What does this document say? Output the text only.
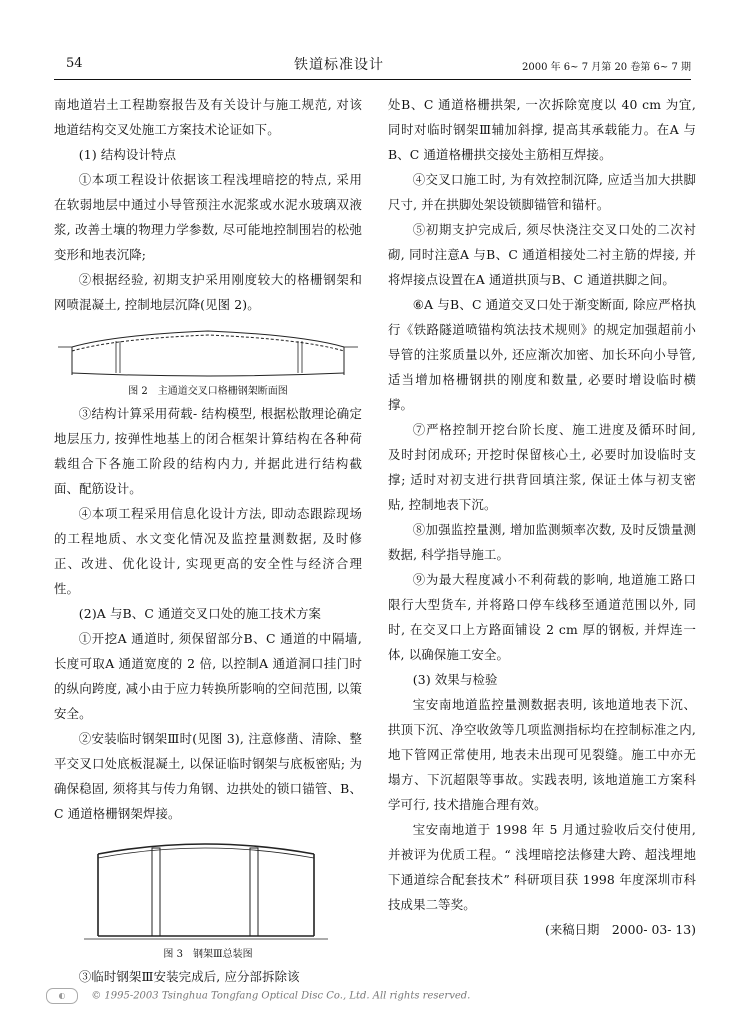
54	铁道标准设计	2000 年 6~ 7 月第 20 卷第 6~ 7 期

南地道岩土工程勘察报告及有关设计与施工规范, 对该地道结构交叉处施工方案技术论证如下。

(1) 结构设计特点

①本项工程设计依据该工程浅埋暗挖的特点, 采用在软弱地层中通过小导管预注水泥浆或水泥水玻璃双液浆, 改善土壤的物理力学参数, 尽可能地控制围岩的松弛变形和地表沉降;

②根据经验, 初期支护采用刚度较大的格栅钢架和网喷混凝土, 控制地层沉降(见图 2)。

图 2　主通道交叉口格栅钢架断面图

③结构计算采用荷载- 结构模型, 根据松散理论确定地层压力, 按弹性地基上的闭合框架计算结构在各种荷载组合下各施工阶段的结构内力, 并据此进行结构截面、配筋设计。

④本项工程采用信息化设计方法, 即动态跟踪现场的工程地质、水文变化情况及监控量测数据, 及时修正、改进、优化设计, 实现更高的安全性与经济合理性。

(2)A 与B、C 通道交叉口处的施工技术方案

①开挖A 通道时, 须保留部分B、C 通道的中隔墙, 长度可取A 通道宽度的 2 倍, 以控制A 通道洞口挂门时的纵向跨度, 减小由于应力转换所影响的空间范围, 以策安全。

②安装临时钢架Ⅲ时(见图 3), 注意修凿、清除、整平交叉口处底板混凝土, 以保证临时钢架与底板密贴; 为确保稳固, 须将其与传力角钢、边拱处的锁口锚管、B、C 通道格栅钢架焊接。

图 3　钢架Ⅲ总装图

③临时钢架Ⅲ安装完成后, 应分部拆除该

处B、C 通道格栅拱架, 一次拆除宽度以 40 cm 为宜, 同时对临时钢架Ⅲ辅加斜撑, 提高其承载能力。在A 与B、C 通道格栅拱交接处主筋相互焊接。

④交叉口施工时, 为有效控制沉降, 应适当加大拱脚尺寸, 并在拱脚处架设锁脚锚管和锚杆。

⑤初期支护完成后, 须尽快浇注交叉口处的二次衬砌, 同时注意A 与B、C 通道相接处二衬主筋的焊接, 并将焊接点设置在A 通道拱顶与B、C 通道拱脚之间。

⑥A 与B、C 通道交叉口处于渐变断面, 除应严格执行《铁路隧道喷锚构筑法技术规则》的规定加强超前小导管的注浆质量以外, 还应渐次加密、加长环向小导管, 适当增加格栅钢拱的刚度和数量, 必要时增设临时横撑。

⑦严格控制开挖台阶长度、施工进度及循环时间, 及时封闭成环; 开挖时保留核心土, 必要时加设临时支撑; 适时对初支进行拱背回填注浆, 保证土体与初支密贴, 控制地表下沉。

⑧加强监控量测, 增加监测频率次数, 及时反馈量测数据, 科学指导施工。

⑨为最大程度减小不利荷载的影响, 地道施工路口限行大型货车, 并将路口停车线移至通道范围以外, 同时, 在交叉口上方路面铺设 2 cm 厚的钢板, 并焊连一体, 以确保施工安全。

(3) 效果与检验

宝安南地道监控量测数据表明, 该地道地表下沉、拱顶下沉、净空收敛等几项监测指标均在控制标准之内, 地下管网正常使用, 地表未出现可见裂缝。施工中亦无塌方、下沉超限等事故。实践表明, 该地道施工方案科学可行, 技术措施合理有效。

宝安南地道于 1998 年 5 月通过验收后交付使用, 并被评为优质工程。“ 浅埋暗挖法修建大跨、超浅埋地下通道综合配套技术” 科研项目获 1998 年度深圳市科技成果二等奖。

(来稿日期　2000- 03- 13)

◐	© 1995-2003 Tsinghua Tongfang Optical Disc Co., Ltd. All rights reserved.
